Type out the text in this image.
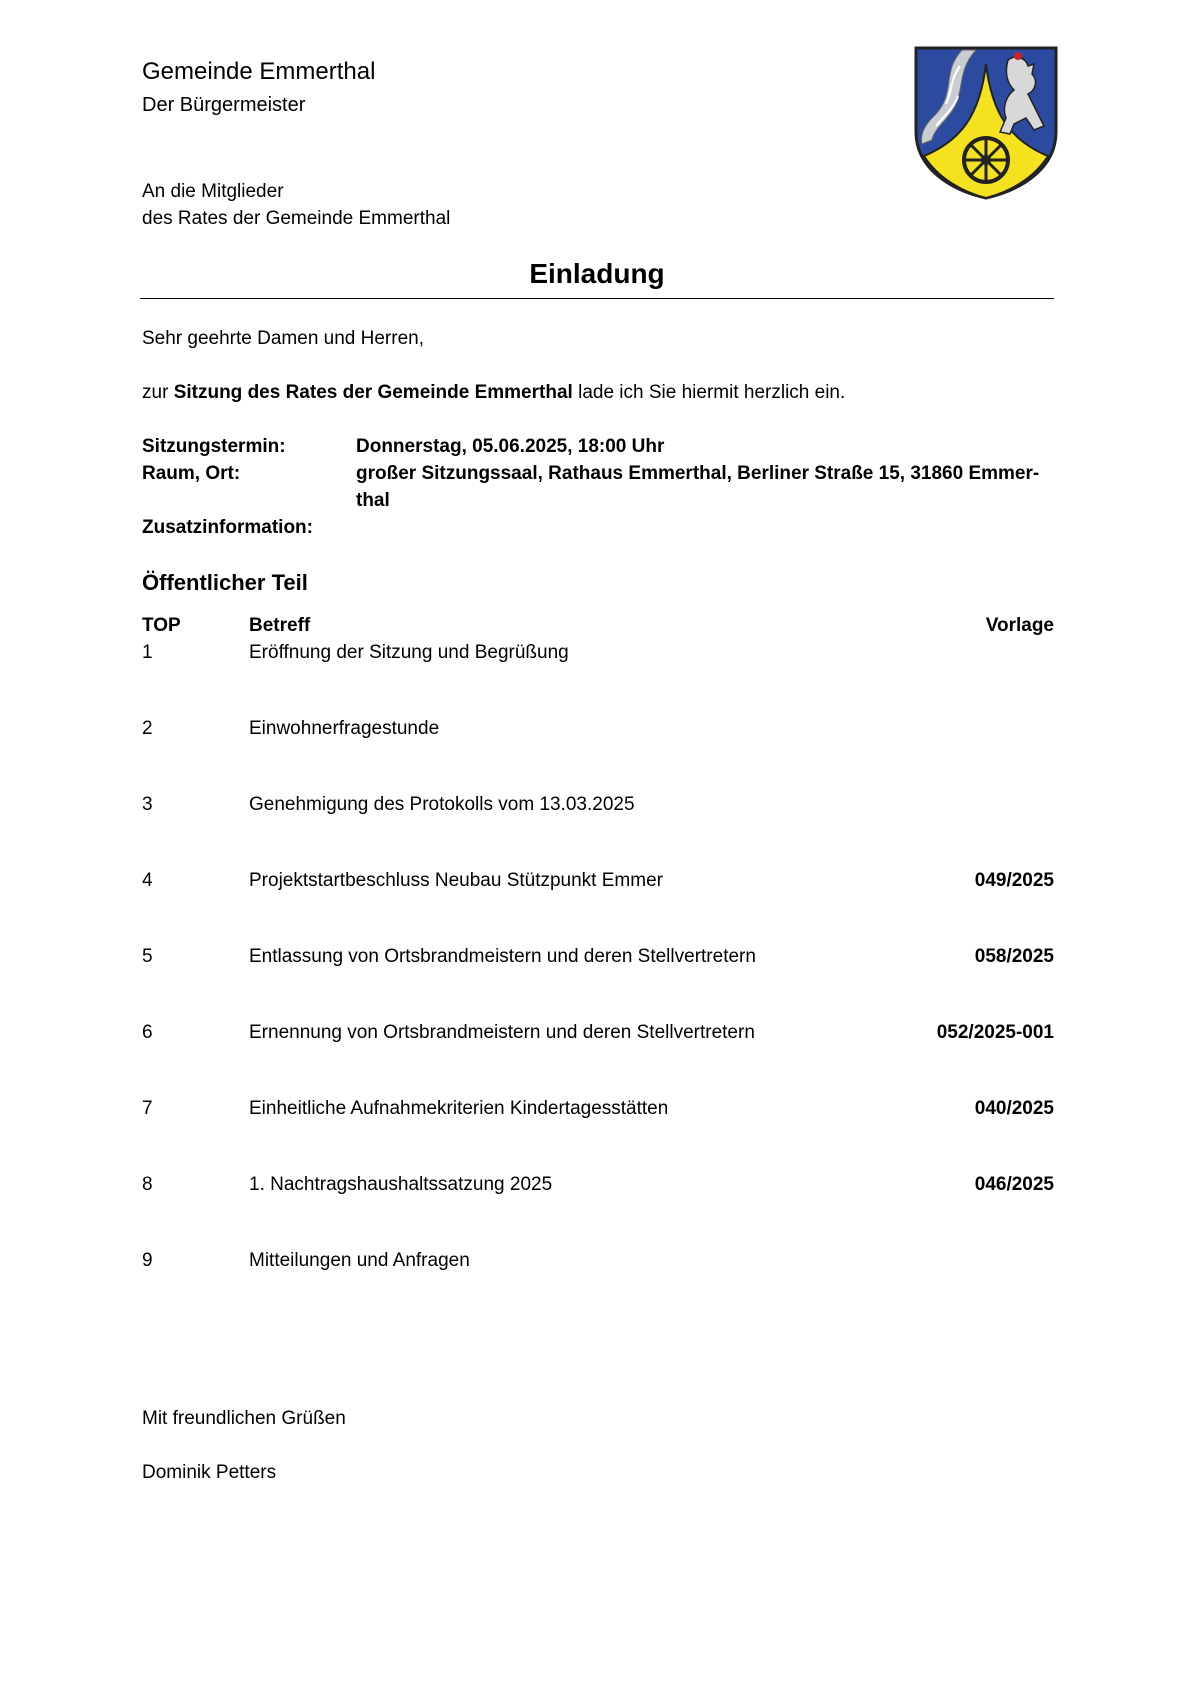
Gemeinde Emmerthal
Der Bürgermeister
An die Mitglieder
des Rates der Gemeinde Emmerthal
Einladung
Sehr geehrte Damen und Herren,
zur Sitzung des Rates der Gemeinde Emmerthal lade ich Sie hiermit herzlich ein.
Sitzungstermin:	Donnerstag, 05.06.2025, 18:00 Uhr
Raum, Ort:	großer Sitzungssaal, Rathaus Emmerthal, Berliner Straße 15, 31860 Emmer-
thal
Zusatzinformation:
Öffentlicher Teil
TOP	Betreff	Vorlage
1	Eröffnung der Sitzung und Begrüßung
2	Einwohnerfragestunde
3	Genehmigung des Protokolls vom 13.03.2025
4	Projektstartbeschluss Neubau Stützpunkt Emmer	049/2025
5	Entlassung von Ortsbrandmeistern und deren Stellvertretern	058/2025
6	Ernennung von Ortsbrandmeistern und deren Stellvertretern	052/2025-001
7	Einheitliche Aufnahmekriterien Kindertagesstätten	040/2025
8	1. Nachtragshaushaltssatzung 2025	046/2025
9	Mitteilungen und Anfragen
Mit freundlichen Grüßen
Dominik Petters
